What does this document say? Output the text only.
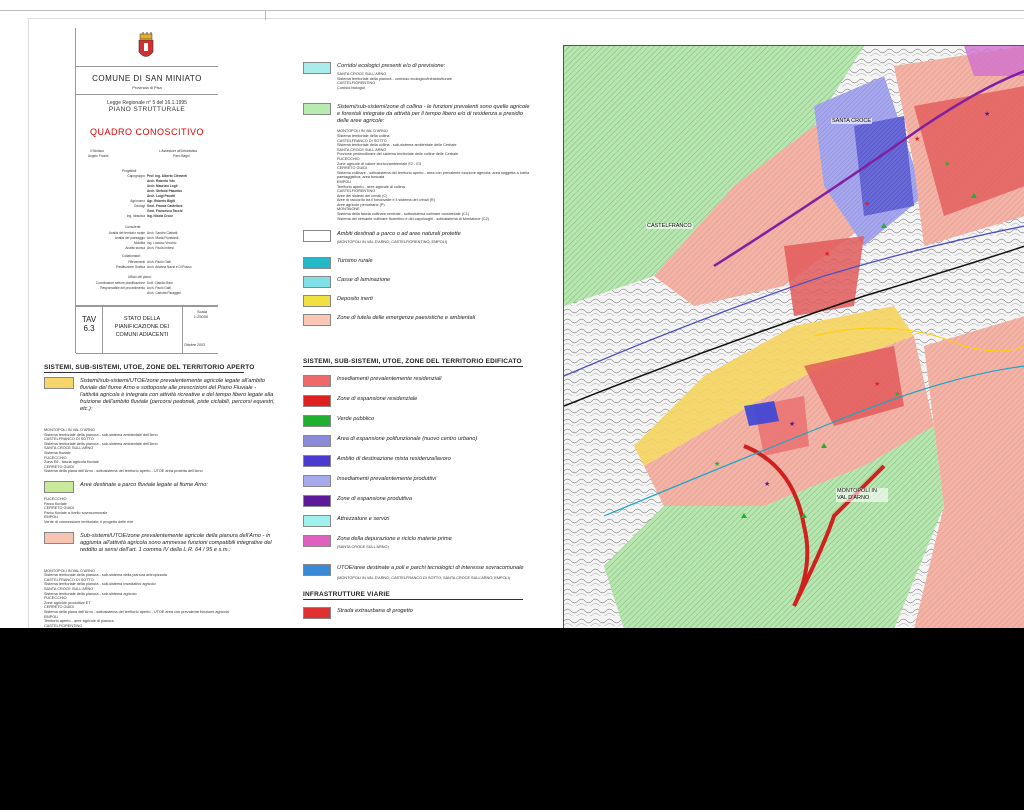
COMUNE DI SAN MINIATO
Provincia di Pisa
Legge Regionale n° 5 del 16.1.1995
PIANO STRUTTURALE
QUADRO CONOSCITIVO
Il Sindaco
Angelo Frosini
L'Assessore all'Urbanistica
Piero Bagni
Progettisti:
Capogruppo Prof. Ing. Alberto Clementi
Arch. Roberto Vdc
Arch. Maurizio Logli
Arch. Stefano Palumbo
Arch. Luigi Pavotti
Agronomo Agr. Roberto Bigiti
Geologi Geol. Franca Castelloni
Geol. Francesco Tacchi
Ing. Idraulica Ing. Nicola Croce
Consulenti:
Analisi del territorio rurale Arch. Sandro Ciabatti
Analisi del paesaggio Arch. Marta Fioravanti
Mobilità Ing. Luciano Vecchio
Analisi storica Arch. Paola Imbesi
Collaboratori:
Rilevamenti Arch. Paolo Galli
Restituzione Grafica Arch. Arianna Nazzi e Di Russo
Ufficio del piano:
Coordinatore settore pianificazione Dott. Claudio Bani
Responsabile del procedimento Arch. Paolo Galli
Arch. Carlotta Paraggini
TAV
6.3
STATO DELLA
PIANIFICAZIONE DEI
COMUNI ADIACENTI
Scala
1:25000
Ottobre 2003
SISTEMI, SUB-SISTEMI, UTOE, ZONE DEL TERRITORIO APERTO
Sistemi/sub-sistemi/UTOE/zone prevalentemente agricole legate all'ambito fluviale del fiume Arno e sottoposte alle prescrizioni del Piano Fluviale - l'attività agricola è integrata con attività ricreative e del tempo libero legate alla fruizione dell'ambito fluviale (percorsi pedonali, piste ciclabili, percorsi equestri, etc.):
MONTOPOLI IN VAL D'ARNO
Sistema territoriale della pianura - sub-sistema ambientale dell'Arno
CASTELFRANCO DI SOTTO
Sistema territoriale della pianura - sub-sistema ambientale dell'Arno
SANTA CROCE SULL'ARNO
Sistema fluviale
FUCECCHIO
Zona E6 - fascia agricola fluviale
CERRETO GUIDI
Sistema della piana dell'Arno - sottosistema del territorio aperto - UTOE area protetta dell'Arno
Aree destinate a parco fluviale legate al fiume Arno:
FUCECCHIO
Parco fluviale
CERRETO GUIDI
Parco fluviale a livello sovracomunale
EMPOLI
Verde di connessione territoriale: il progetto delle rive
Sub-sistemi/UTOE/zone prevalentemente agricole della pianura dell'Arno - in aggiunta all'attività agricola sono ammesse funzioni compatibili integrative del reddito ai sensi dell'art. 1 comma IV della L.R. 64 / 95 e s.m.:
MONTOPOLI IN VAL D'ARNO
Sistema territoriale della pianura - sub-sistema della pianura antropizzata
CASTELFRANCO DI SOTTO
Sistema territoriale della pianura - sub-sistema insediativo agricolo
SANTA CROCE SULL'ARNO
Sistema territoriale della pianura - sub-sistema agricolo
FUCECCHIO
Zone agricole produttive E7
CERRETO GUIDI
Sistema della piana dell'Arno - sottosistema del territorio aperto - UTOE area con prevalente funzione agricola
EMPOLI
Territorio aperto - aree agricole di pianura
CASTELFIORENTINO
Corridoi ecologici presenti e/o di previsione:
SANTA CROCE SULL'ARNO
Sistema territoriale della pianura - corridoio ecologico/infrastrutturale
CASTELFIORENTINO
Corridoi biologici
Sistemi/sub-sistemi/zone di collina - le funzioni prevalenti sono quelle agricole e forestali integrate da attività per il tempo libero e/o di residenza a presidio delle aree agricole:
MONTOPOLI IN VAL D'ARNO
Sistema territoriale della collina
CASTELFRANCO DI SOTTO
Sistema territoriale della collina - sub-sistema ambientale delle Cerbaie
SANTA CROCE SULL'ARNO
Porzione pedecollinare del sistema territoriale delle colline delle Cerbaie
FUCECCHIO
Zone agricole di valore storico/ambientale E2 - E3
CERRETO GUIDI
Sistema collinare - sottosistema del territorio aperto - area con prevalente funzione agricola; area soggetta a tutela paesaggistica; area boscata
EMPOLI
Territorio aperto - aree agricole di collina
CASTELFIORENTINO
Aree dei sistemi dei crinali (C)
Aree di raccordo tra il fondovalle e il sistema dei crinali (R)
Aree agricole periurbane (P)
MONTAIONE
Sistema della fascia collinare centrale - sottosistema collinare occidentale (C1)
Sistema del versante collinare fiorentino e dei capoluoghi - sottosistema di Montaione (C2)
Ambiti destinati a parco o ad aree naturali protette
(MONTOPOLI IN VAL D'ARNO; CASTELFIORENTINO; EMPOLI)
Turismo rurale
Casse di laminazione
Deposito inerti
Zone di tutela delle emergenze paesistiche e ambientali
SISTEMI, SUB-SISTEMI, UTOE, ZONE DEL TERRITORIO EDIFICATO
Insediamenti prevalentemente residenziali
Zone di espansione residenziale
Verde pubblico
Area di espansione polifunzionale (nuovo centro urbano)
Ambito di destinazione mista residenza/lavoro
Insediamenti prevalentemente produttivi
Zone di espansione produttiva
Attrezzature e servizi
Zona della depurazione e riciclo materie prime
(SANTA CROCE SULL'ARNO)
UTOE/aree destinate a poli e parchi tecnologici di interesse sovracomunale
(MONTOPOLI IN VAL D'ARNO; CASTELFRANCO DI SOTTO; SANTA CROCE SULL'ARNO; EMPOLI)
INFRASTRUTTURE VIARIE
Strada extraurbana di progetto
★
★
★
★
★
★
★
★
★
★
SANTA CROCE
CASTELFRANCO
MONTOPOLI IN VAL D'ARNO
